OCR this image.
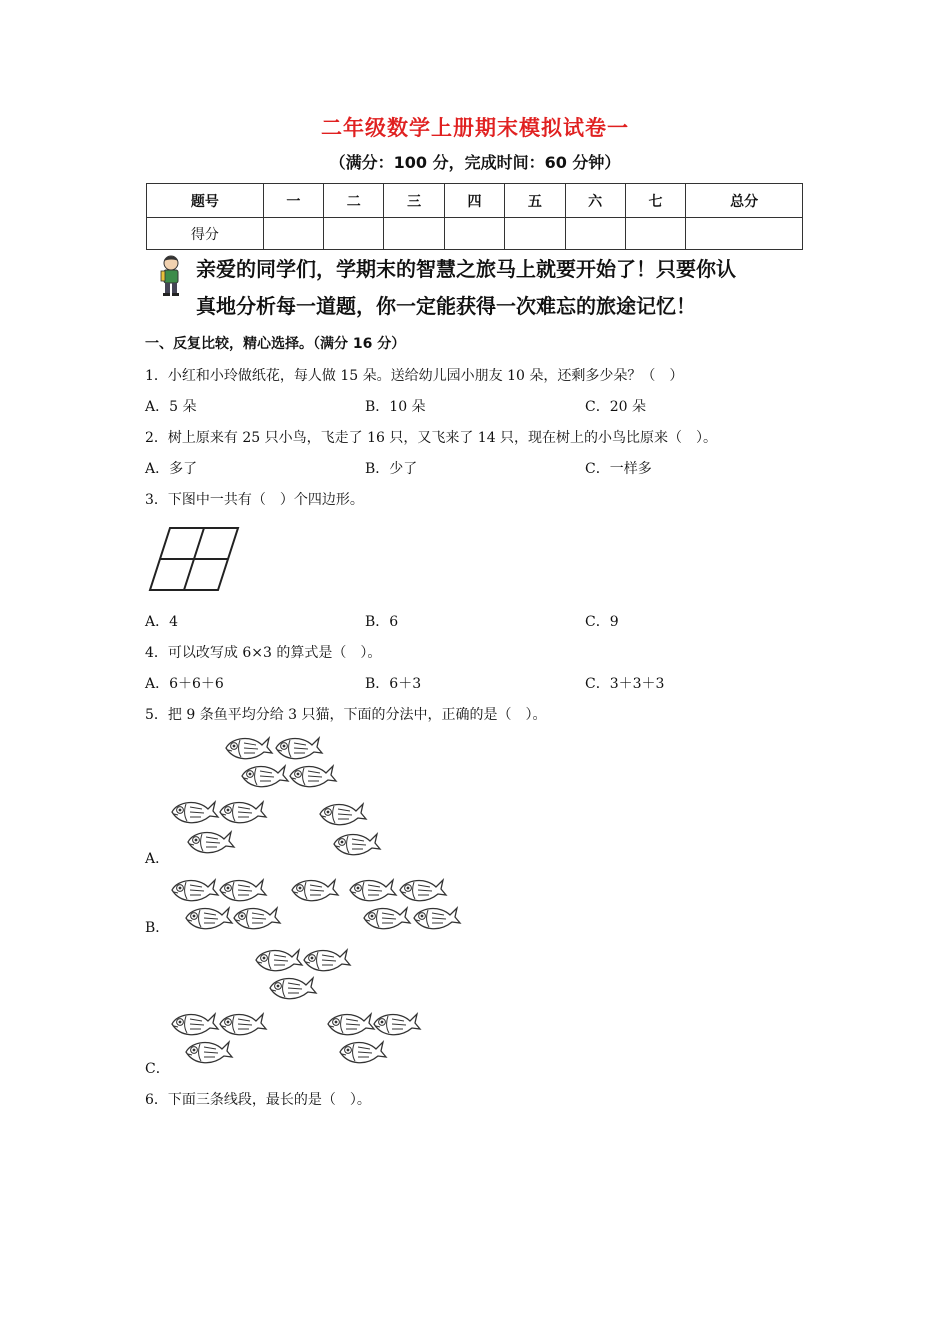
二年级数学上册期末模拟试卷一
（满分：100 分，完成时间：60 分钟）
题号	一	二	三	四	五	六	七	总分
得分								
亲爱的同学们，学期末的智慧之旅马上就要开始了！只要你认
真地分析每一道题，你一定能获得一次难忘的旅途记忆！
一、反复比较，精心选择。（满分 16 分）
1．小红和小玲做纸花，每人做 15 朵。送给幼儿园小朋友 10 朵，还剩多少朵？（　）
A．5 朵	B．10 朵	C．20 朵
2．树上原来有 25 只小鸟，飞走了 16 只，又飞来了 14 只，现在树上的小鸟比原来（　）。
A．多了	B．少了	C．一样多
3．下图中一共有（　）个四边形。
A．4	B．6	C．9
4．可以改写成 6×3 的算式是（　）。
A．6＋6＋6	B．6＋3	C．3＋3＋3
5．把 9 条鱼平均分给 3 只猫，下面的分法中，正确的是（　）。
A．
B．
C．
6．下面三条线段，最长的是（　）。
